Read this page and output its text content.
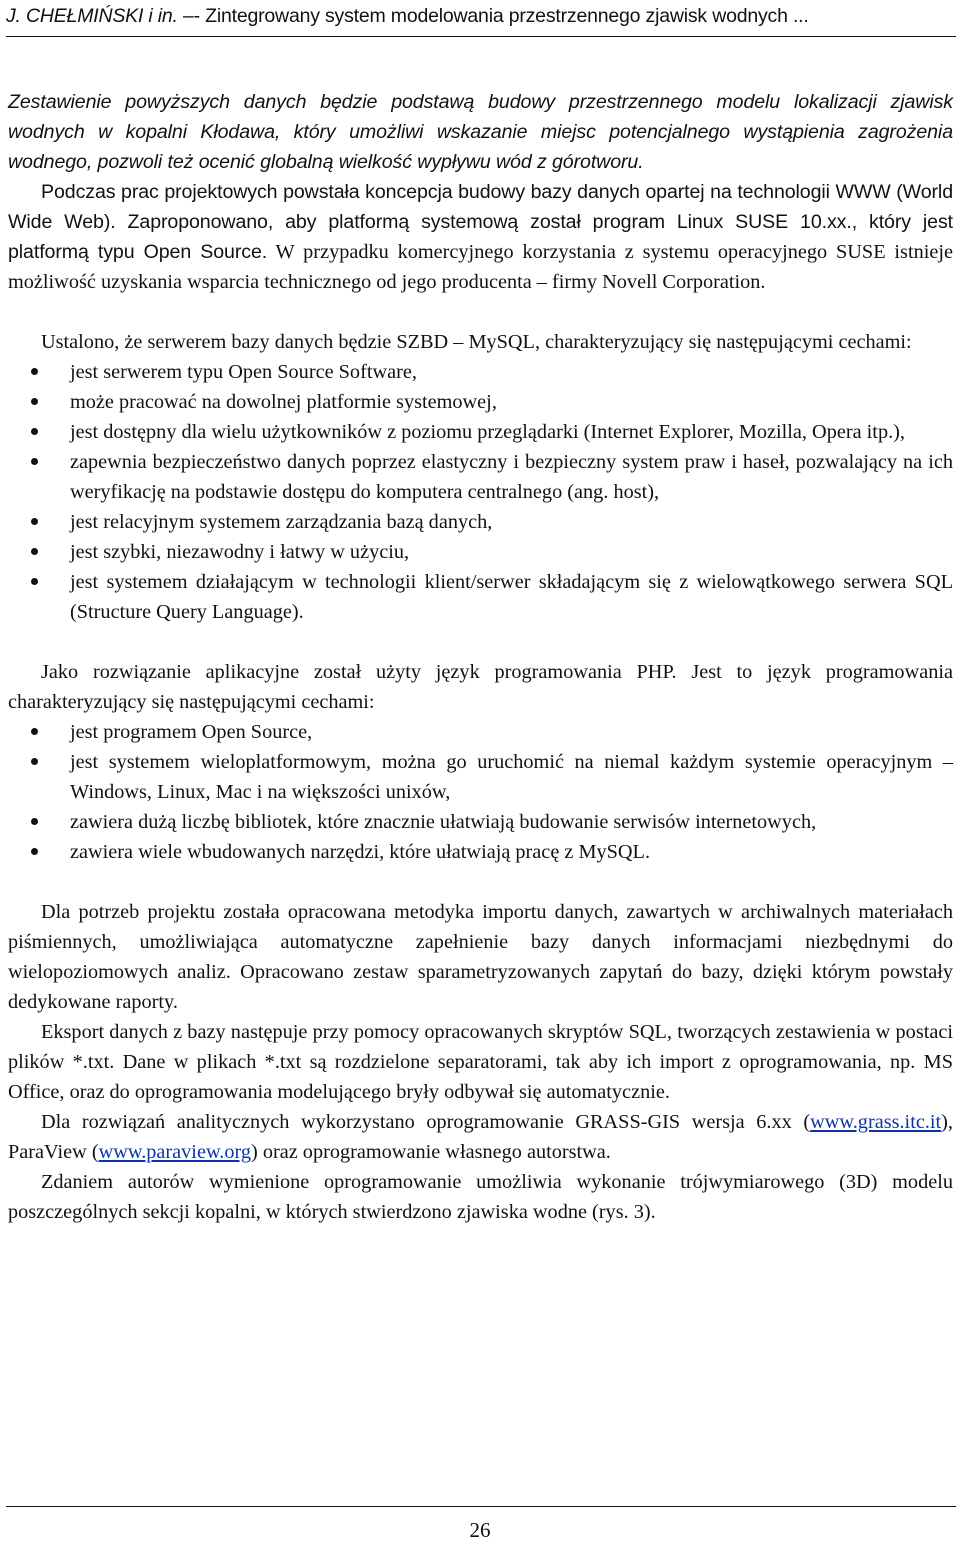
J. CHEŁMIŃSKI i in. –- Zintegrowany system modelowania przestrzennego zjawisk wodnych ...

Zestawienie powyższych danych będzie podstawą budowy przestrzennego modelu lokalizacji zjawisk wodnych w kopalni Kłodawa, który umożliwi wskazanie miejsc potencjalnego wystąpienia zagrożenia wodnego, pozwoli też ocenić globalną wielkość wypływu wód z górotworu.

Podczas prac projektowych powstała koncepcja budowy bazy danych opartej na technologii WWW (World Wide Web). Zaproponowano, aby platformą systemową został program Linux SUSE 10.xx., który jest platformą typu Open Source. W przypadku komercyjnego korzystania z systemu operacyjnego SUSE istnieje możliwość uzyskania wsparcia technicznego od jego producenta – firmy Novell Corporation.

Ustalono, że serwerem bazy danych będzie SZBD – MySQL, charakteryzujący się następującymi cechami:

jest serwerem typu Open Source Software,
może pracować na dowolnej platformie systemowej,
jest dostępny dla wielu użytkowników z poziomu przeglądarki (Internet Explorer, Mozilla, Opera itp.),
zapewnia bezpieczeństwo danych poprzez elastyczny i bezpieczny system praw i haseł, pozwalający na ich weryfikację na podstawie dostępu do komputera centralnego (ang. host),
jest relacyjnym systemem zarządzania bazą danych,
jest szybki, niezawodny i łatwy w użyciu,
jest systemem działającym w technologii klient/serwer składającym się z wielowątkowego serwera SQL (Structure Query Language).

Jako rozwiązanie aplikacyjne został użyty język programowania PHP. Jest to język programowania charakteryzujący się następującymi cechami:

jest programem Open Source,
jest systemem wieloplatformowym, można go uruchomić na niemal każdym systemie operacyjnym – Windows, Linux, Mac i na większości unixów,
zawiera dużą liczbę bibliotek, które znacznie ułatwiają budowanie serwisów internetowych,
zawiera wiele wbudowanych narzędzi, które ułatwiają pracę z MySQL.

Dla potrzeb projektu została opracowana metodyka importu danych, zawartych w archiwalnych materiałach piśmiennych, umożliwiająca automatyczne zapełnienie bazy danych informacjami niezbędnymi do wielopoziomowych analiz. Opracowano zestaw sparametryzowanych zapytań do bazy, dzięki którym powstały dedykowane raporty.

Eksport danych z bazy następuje przy pomocy opracowanych skryptów SQL, tworzących zestawienia w postaci plików *.txt. Dane w plikach *.txt są rozdzielone separatorami, tak aby ich import z oprogramowania, np. MS Office, oraz do oprogramowania modelującego bryły odbywał się automatycznie.

Dla rozwiązań analitycznych wykorzystano oprogramowanie GRASS-GIS wersja 6.xx (www.grass.itc.it), ParaView (www.paraview.org) oraz oprogramowanie własnego autorstwa.

Zdaniem autorów wymienione oprogramowanie umożliwia wykonanie trójwymiarowego (3D) modelu poszczególnych sekcji kopalni, w których stwierdzono zjawiska wodne (rys. 3).

26
